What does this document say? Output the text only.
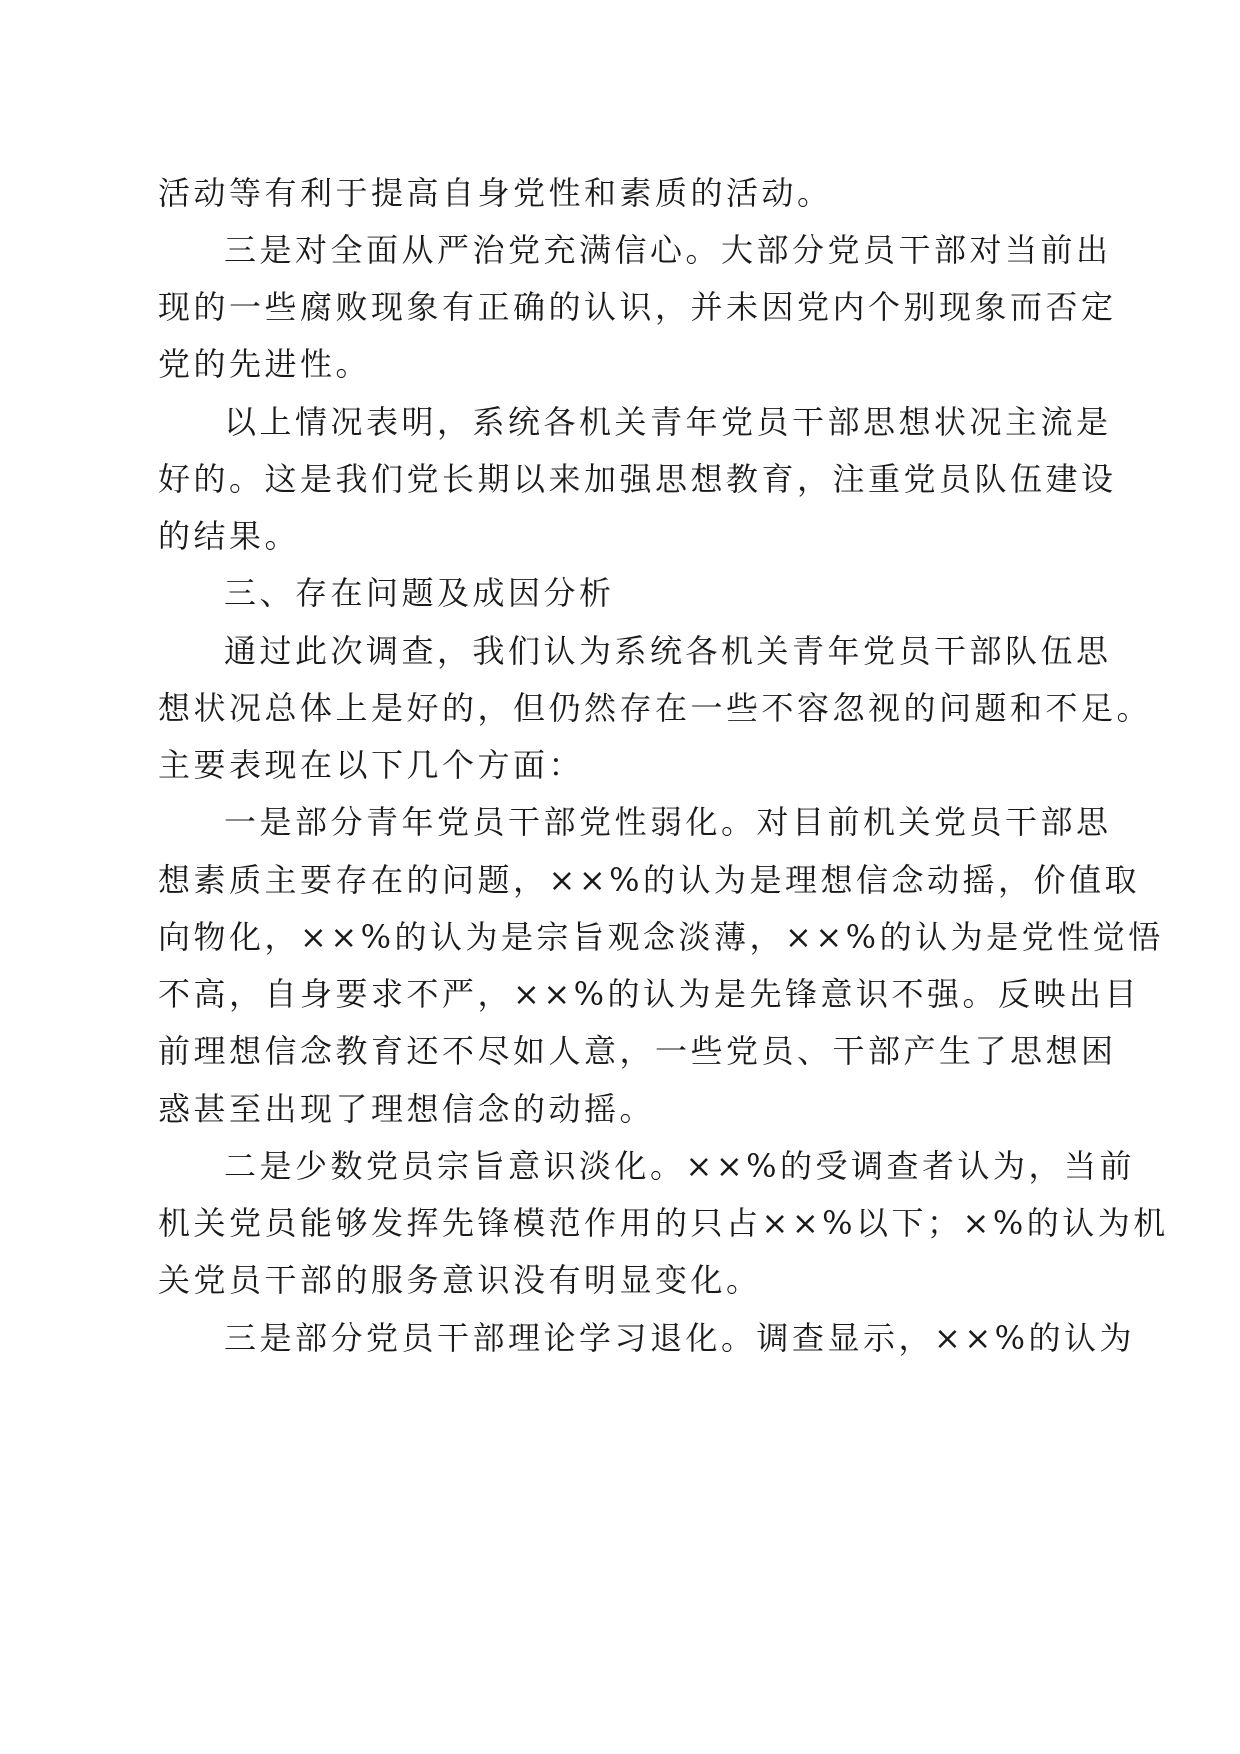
活动等有利于提高自身党性和素质的活动。
三是对全面从严治党充满信心。大部分党员干部对当前出
现的一些腐败现象有正确的认识，并未因党内个别现象而否定
党的先进性。
以上情况表明，系统各机关青年党员干部思想状况主流是
好的。这是我们党长期以来加强思想教育，注重党员队伍建设
的结果。
三、存在问题及成因分析
通过此次调查，我们认为系统各机关青年党员干部队伍思
想状况总体上是好的，但仍然存在一些不容忽视的问题和不足。
主要表现在以下几个方面：
一是部分青年党员干部党性弱化。对目前机关党员干部思
想素质主要存在的问题，××%的认为是理想信念动摇，价值取
向物化，××%的认为是宗旨观念淡薄，××%的认为是党性觉悟
不高，自身要求不严，××%的认为是先锋意识不强。反映出目
前理想信念教育还不尽如人意，一些党员、干部产生了思想困
惑甚至出现了理想信念的动摇。
二是少数党员宗旨意识淡化。××%的受调查者认为，当前
机关党员能够发挥先锋模范作用的只占××%以下；×%的认为机
关党员干部的服务意识没有明显变化。
三是部分党员干部理论学习退化。调查显示，××%的认为
